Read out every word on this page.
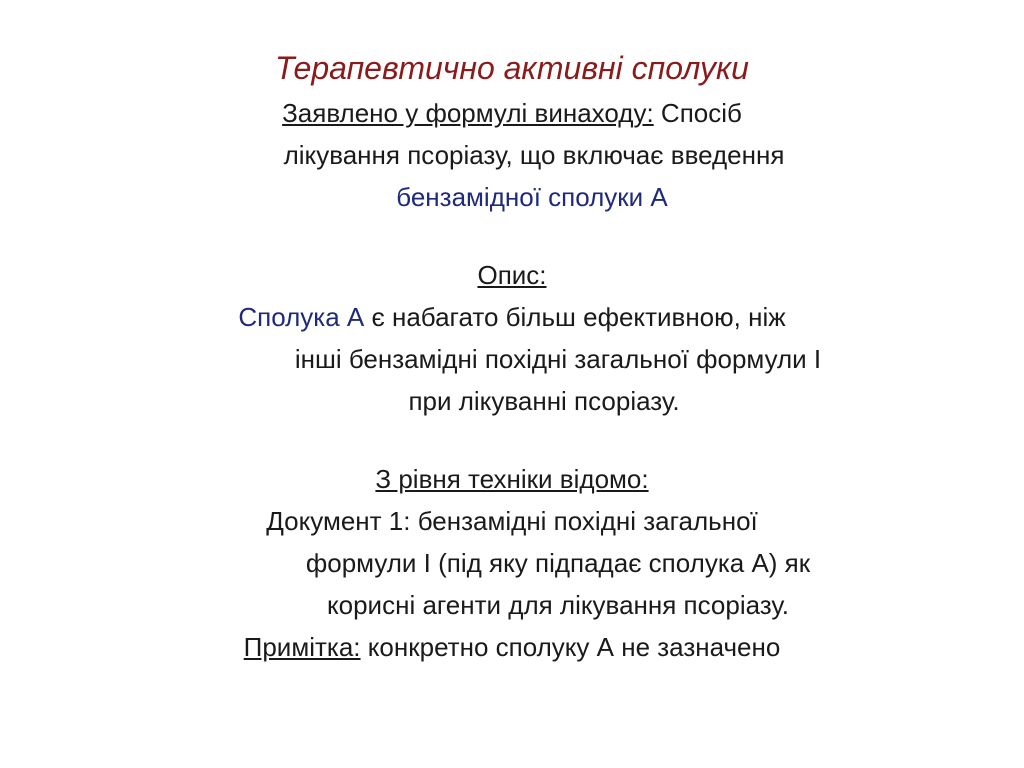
Терапевтично активні сполуки
Заявлено у формулі винаходу: Спосіб
лікування псоріазу, що включає введення
бензамідної сполуки А
Опис:
Сполука А є набагато більш ефективною, ніж
інші бензамідні похідні загальної формули I
при лікуванні псоріазу.
З рівня техніки відомо:
Документ 1: бензамідні похідні загальної
формули I (під яку підпадає сполука А) як
корисні агенти для лікування псоріазу.
Примітка: конкретно сполуку А не зазначено
